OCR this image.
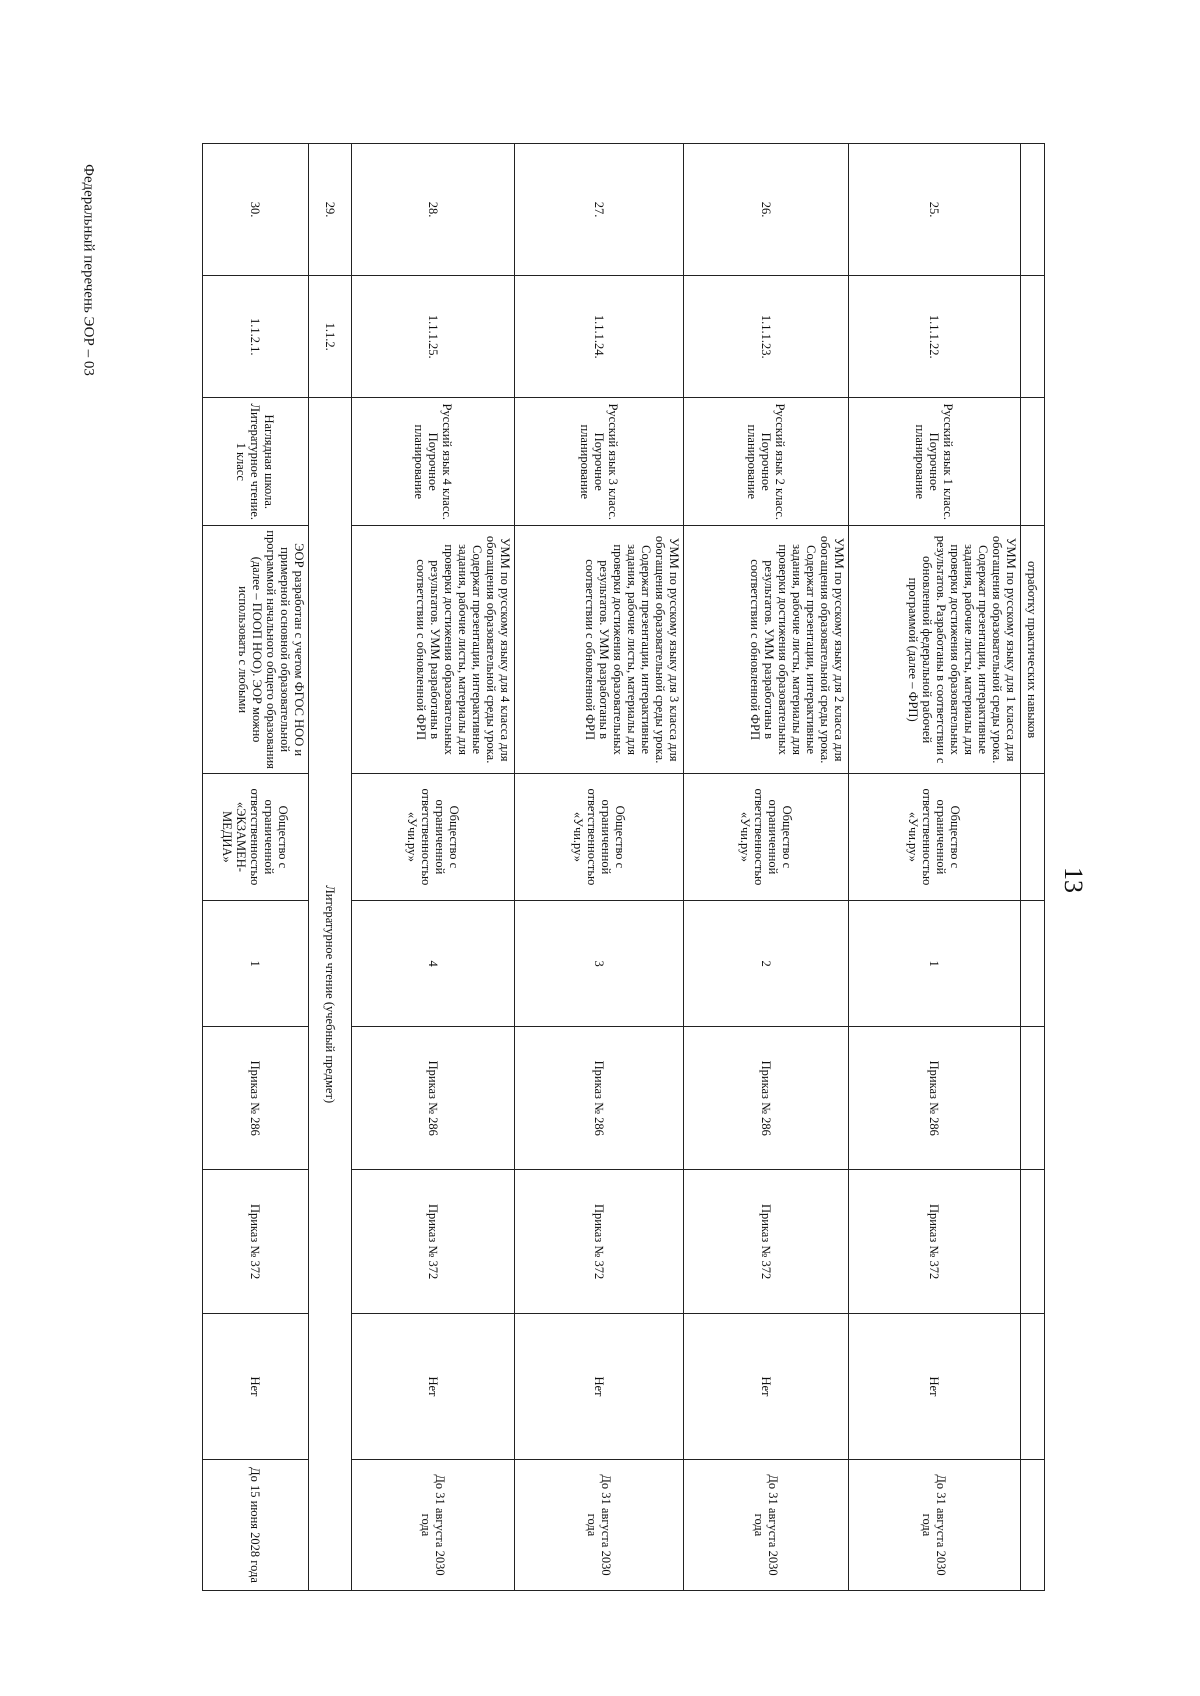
13
Федеральный перечень ЭОР – 03
			отработку практических навыков						
25.	1.1.1.22.	Русский язык 1 класс. Поурочное планирование	УММ по русскому языку для 1 класса для обогащения образовательной среды урока. Содержат презентации, интерактивные задания, рабочие листы, материалы для проверки достижения образовательных результатов. Разработаны в соответствии с обновленной федеральной рабочей программой (далее – ФРП)	Общество с ограниченной ответственностью «Учи.ру»	1	Приказ № 286	Приказ № 372	Нет	До 31 августа 2030 года
26.	1.1.1.23.	Русский язык 2 класс. Поурочное планирование	УММ по русскому языку для 2 класса для обогащения образовательной среды урока. Содержат презентации, интерактивные задания, рабочие листы, материалы для проверки достижения образовательных результатов. УММ разработаны в соответствии с обновленной ФРП	Общество с ограниченной ответственностью «Учи.ру»	2	Приказ № 286	Приказ № 372	Нет	До 31 августа 2030 года
27.	1.1.1.24.	Русский язык 3 класс. Поурочное планирование	УММ по русскому языку для 3 класса для обогащения образовательной среды урока. Содержат презентации, интерактивные задания, рабочие листы, материалы для проверки достижения образовательных результатов. УММ разработаны в соответствии с обновленной ФРП	Общество с ограниченной ответственностью «Учи.ру»	3	Приказ № 286	Приказ № 372	Нет	До 31 августа 2030 года
28.	1.1.1.25.	Русский язык 4 класс. Поурочное планирование	УММ по русскому языку для 4 класса для обогащения образовательной среды урока. Содержат презентации, интерактивные задания, рабочие листы, материалы для проверки достижения образовательных результатов. УММ разработаны в соответствии с обновленной ФРП	Общество с ограниченной ответственностью «Учи.ру»	4	Приказ № 286	Приказ № 372	Нет	До 31 августа 2030 года
29.	1.1.2.	Литературное чтение (учебный предмет)							
30.	1.1.2.1.	Наглядная школа. Литературное чтение. 1 класс	ЭОР разработан с учетом ФГОС НОО и примерной основной образовательной программой начального общего образования (далее – ПООП НОО). ЭОР можно использовать с любыми	Общество с ограниченной ответственностью «ЭКЗАМЕН-МЕДИА»	1	Приказ № 286	Приказ № 372	Нет	До 15 июня 2028 года
